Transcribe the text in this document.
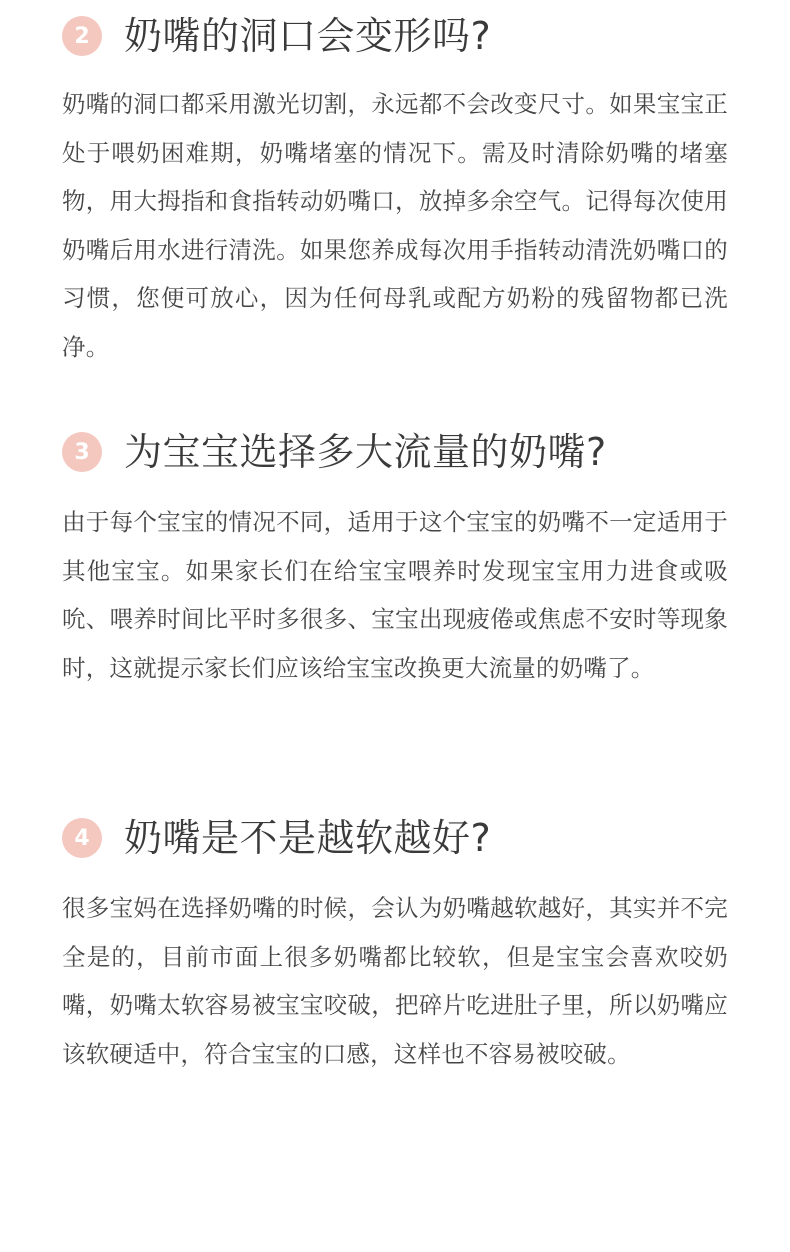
2 奶嘴的洞口会变形吗?
奶嘴的洞口都采用激光切割，永远都不会改变尺寸。如果宝宝正处于喂奶困难期，奶嘴堵塞的情况下。需及时清除奶嘴的堵塞物，用大拇指和食指转动奶嘴口，放掉多余空气。记得每次使用奶嘴后用水进行清洗。如果您养成每次用手指转动清洗奶嘴口的习惯，您便可放心，因为任何母乳或配方奶粉的残留物都已洗净。
3 为宝宝选择多大流量的奶嘴?
由于每个宝宝的情况不同，适用于这个宝宝的奶嘴不一定适用于其他宝宝。如果家长们在给宝宝喂养时发现宝宝用力进食或吸吮、喂养时间比平时多很多、宝宝出现疲倦或焦虑不安时等现象时，这就提示家长们应该给宝宝改换更大流量的奶嘴了。
4 奶嘴是不是越软越好?
很多宝妈在选择奶嘴的时候，会认为奶嘴越软越好，其实并不完全是的，目前市面上很多奶嘴都比较软，但是宝宝会喜欢咬奶嘴，奶嘴太软容易被宝宝咬破，把碎片吃进肚子里，所以奶嘴应该软硬适中，符合宝宝的口感，这样也不容易被咬破。
